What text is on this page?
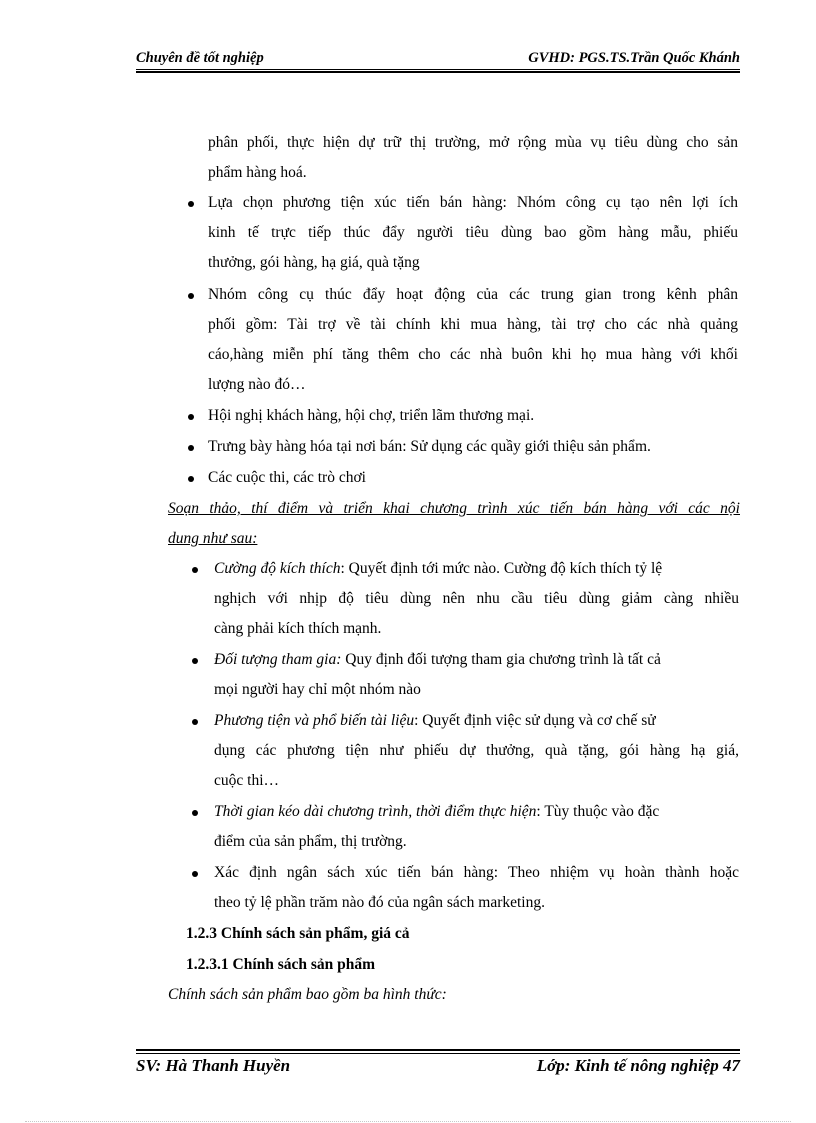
Chuyên đề tốt nghiệp	GVHD: PGS.TS.Trần Quốc Khánh
phân phối, thực hiện dự trữ thị trường, mở rộng mùa vụ tiêu dùng cho sản
phẩm hàng hoá.
Lựa chọn phương tiện xúc tiến bán hàng: Nhóm công cụ tạo nên lợi ích
kinh tế trực tiếp thúc đẩy người tiêu dùng bao gồm hàng mẫu, phiếu
thưởng, gói hàng, hạ giá, quà tặng
Nhóm công cụ thúc đẩy hoạt động của các trung gian trong kênh phân
phối gồm: Tài trợ về tài chính khi mua hàng, tài trợ cho các nhà quảng
cáo,hàng miễn phí tăng thêm cho các nhà buôn khi họ mua hàng với khối
lượng nào đó…
Hội nghị khách hàng, hội chợ, triển lãm thương mại.
Trưng bày hàng hóa tại nơi bán: Sử dụng các quầy giới thiệu sản phẩm.
Các cuộc thi, các trò chơi
Soạn thảo, thí điểm và triển khai chương trình xúc tiến bán hàng với các nội
dung như sau:
Cường độ kích thích: Quyết định tới mức nào. Cường độ kích thích tỷ lệ
nghịch với nhịp độ tiêu dùng nên nhu cầu tiêu dùng giảm càng nhiều
càng phải kích thích mạnh.
Đối tượng tham gia: Quy định đối tượng tham gia chương trình là tất cả
mọi người hay chỉ một nhóm nào
Phương tiện và phổ biến tài liệu: Quyết định việc sử dụng và cơ chế sử
dụng các phương tiện như phiếu dự thưởng, quà tặng, gói hàng hạ giá,
cuộc thi…
Thời gian kéo dài chương trình, thời điểm thực hiện: Tùy thuộc vào đặc
điểm của sản phẩm, thị trường.
Xác định ngân sách xúc tiến bán hàng: Theo nhiệm vụ hoàn thành hoặc
theo tỷ lệ phần trăm nào đó của ngân sách marketing.
1.2.3 Chính sách sản phẩm, giá cả
1.2.3.1 Chính sách sản phẩm
Chính sách sản phẩm bao gồm ba hình thức:
SV: Hà Thanh Huyền	Lớp: Kinh tế nông nghiệp 47
